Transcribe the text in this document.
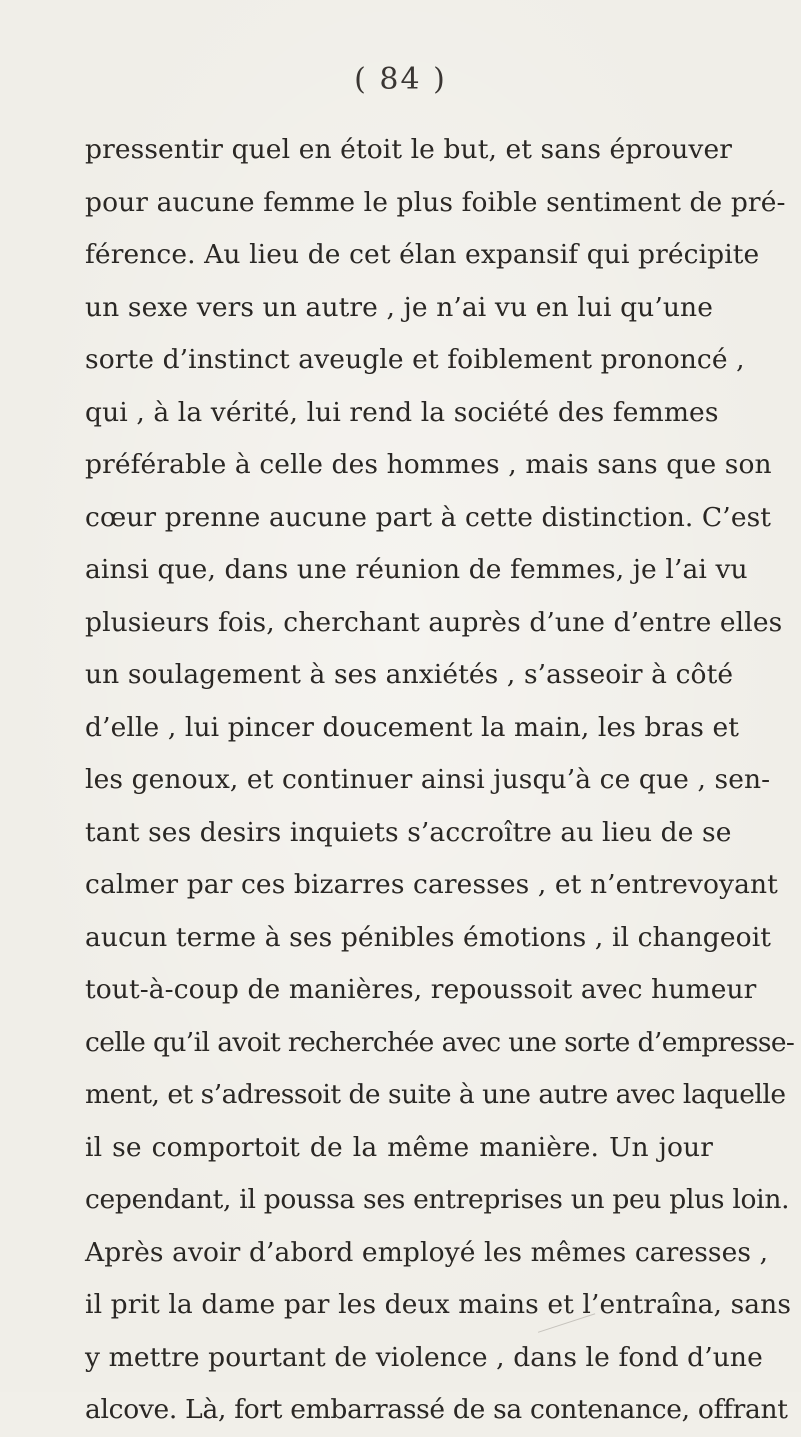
( 84 )
pressentir quel en étoit le but, et sans éprouver
pour aucune femme le plus foible sentiment de pré-
férence. Au lieu de cet élan expansif qui précipite
un sexe vers un autre , je n’ai vu en lui qu’une
sorte d’instinct aveugle et foiblement prononcé ,
qui , à la vérité, lui rend la société des femmes
préférable à celle des hommes , mais sans que son
cœur prenne aucune part à cette distinction. C’est
ainsi que, dans une réunion de femmes, je l’ai vu
plusieurs fois, cherchant auprès d’une d’entre elles
un soulagement à ses anxiétés , s’asseoir à côté
d’elle , lui pincer doucement la main, les bras et
les genoux, et continuer ainsi jusqu’à ce que , sen-
tant ses desirs inquiets s’accroître au lieu de se
calmer par ces bizarres caresses , et n’entrevoyant
aucun terme à ses pénibles émotions , il changeoit
tout-à-coup de manières, repoussoit avec humeur
celle qu’il avoit recherchée avec une sorte d’empresse-
ment, et s’adressoit de suite à une autre avec laquelle
il se comportoit de la même manière. Un jour
cependant, il poussa ses entreprises un peu plus loin.
Après avoir d’abord employé les mêmes caresses ,
il prit la dame par les deux mains et l’entraîna, sans
y mettre pourtant de violence , dans le fond d’une
alcove. Là, fort embarrassé de sa contenance, offrant
